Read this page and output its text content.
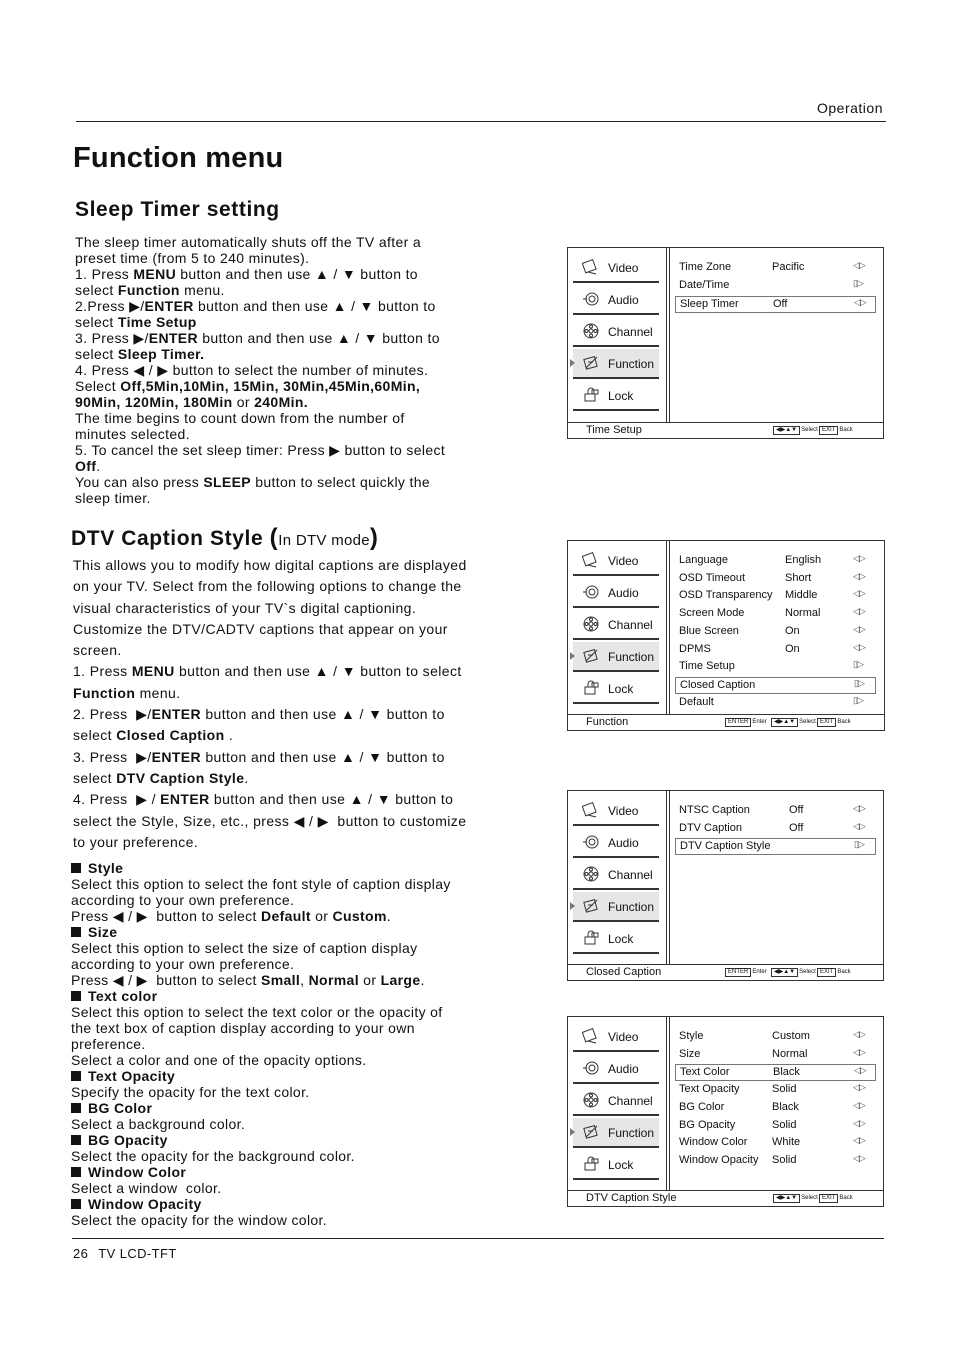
Operation
Function menu
Sleep Timer setting
The sleep timer automatically shuts off the TV after a
preset time (from 5 to 240 minutes).
1. Press MENU button and then use ▲ / ▼ button to
select Function menu.
2.Press ▶/ENTER button and then use ▲ / ▼ button to
select Time Setup
3. Press ▶/ENTER button and then use ▲ / ▼ button to
select Sleep Timer.
4. Press ◀ / ▶ button to select the number of minutes.
Select Off,5Min,10Min, 15Min, 30Min,45Min,60Min,
90Min, 120Min, 180Min or 240Min.
The time begins to count down from the number of
minutes selected.
5. To cancel the set sleep timer: Press ▶ button to select
Off.
You can also press SLEEP button to select quickly the
sleep timer.
DTV Caption Style (In DTV mode)
This allows you to modify how digital captions are displayed
on your TV. Select from the following options to change the
visual characteristics of your TV`s digital captioning.
Customize the DTV/CADTV captions that appear on your
screen.
1. Press MENU button and then use ▲ / ▼ button to select
Function menu.
2. Press  ▶/ENTER button and then use ▲ / ▼ button to
select Closed Caption .
3. Press  ▶/ENTER button and then use ▲ / ▼ button to
select DTV Caption Style.
4. Press  ▶ / ENTER button and then use ▲ / ▼ button to
select the Style, Size, etc., press ◀ / ▶  button to customize
to your preference.
Style
Select this option to select the font style of caption display
according to your own preference.
Press ◀ / ▶  button to select Default or Custom.
Size
Select this option to select the size of caption display
according to your own preference.
Press ◀ / ▶  button to select Small, Normal or Large.
Text color
Select this option to select the text color or the opacity of
the text box of caption display according to your own
preference.
Select a color and one of the opacity options.
Text Opacity
Specify the opacity for the text color.
BG Color
Select a background color.
BG Opacity
Select the opacity for the background color.
Window Color
Select a window  color.
Window Opacity
Select the opacity for the window color.
26 TV LCD-TFT
Video
Audio
Channel
Function
Lock
Time Zone	Pacific	◁▷
Date/Time	▯▷
Sleep Timer	Off	◁▷
Time Setup	◀▶▲▼ Select EXIT Back
Video
Audio
Channel
Function
Lock
Language	English	◁▷
OSD Timeout	Short	◁▷
OSD Transparency Middle	◁▷
Screen Mode	Normal	◁▷
Blue Screen	On	◁▷
DPMS	On	◁▷
Time Setup	▯▷
Closed Caption	▯▷
Default	▯▷
Function	ENTER Enter	◀▶▲▼ Select EXIT Back
Video
Audio
Channel
Function
Lock
NTSC Caption	Off	◁▷
DTV Caption	Off	◁▷
DTV Caption Style	▯▷
Closed Caption	ENTER Enter	◀▶▲▼ Select EXIT Back
Video
Audio
Channel
Function
Lock
Style	Custom	◁▷
Size	Normal	◁▷
Text Color	Black	◁▷
Text Opacity	Solid	◁▷
BG Color	Black	◁▷
BG Opacity	Solid	◁▷
Window Color White	◁▷
Window Opacity Solid	◁▷
DTV Caption Style	◀▶▲▼ Select EXIT Back
